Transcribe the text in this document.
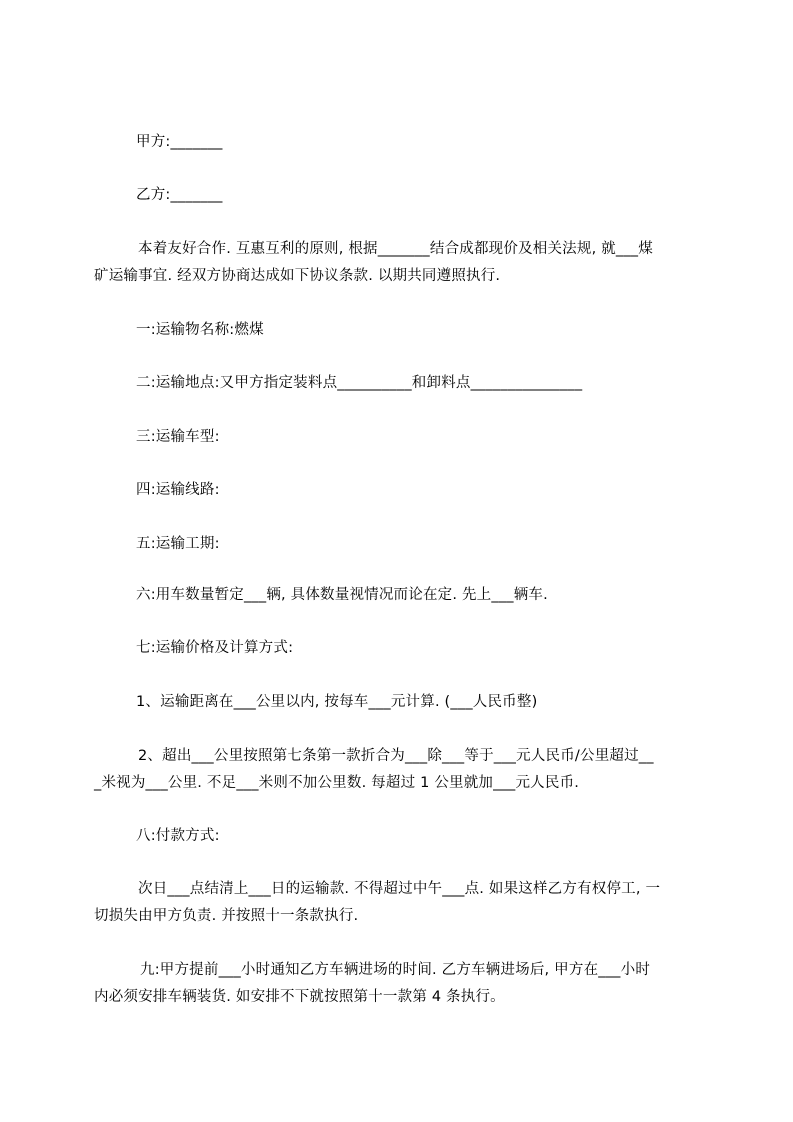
甲方:_______
乙方:_______
本着友好合作. 互惠互利的原则, 根据_______结合成都现价及相关法规, 就___煤
矿运输事宜. 经双方协商达成如下协议条款. 以期共同遵照执行.
一:运输物名称:燃煤
二:运输地点:又甲方指定装料点__________和卸料点_______________
三:运输车型:
四:运输线路:
五:运输工期:
六:用车数量暂定___辆, 具体数量视情况而论在定. 先上___辆车.
七:运输价格及计算方式:
1、运输距离在___公里以内, 按每车___元计算. (___人民币整)
2、超出___公里按照第七条第一款折合为___除___等于___元人民币/公里超过__
_米视为___公里. 不足___米则不加公里数. 每超过 1 公里就加___元人民币.
八:付款方式:
次日___点结清上___日的运输款. 不得超过中午___点. 如果这样乙方有权停工, 一
切损失由甲方负责. 并按照十一条款执行.
九:甲方提前___小时通知乙方车辆进场的时间. 乙方车辆进场后, 甲方在___小时
内必须安排车辆装货. 如安排不下就按照第十一款第 4 条执行。
